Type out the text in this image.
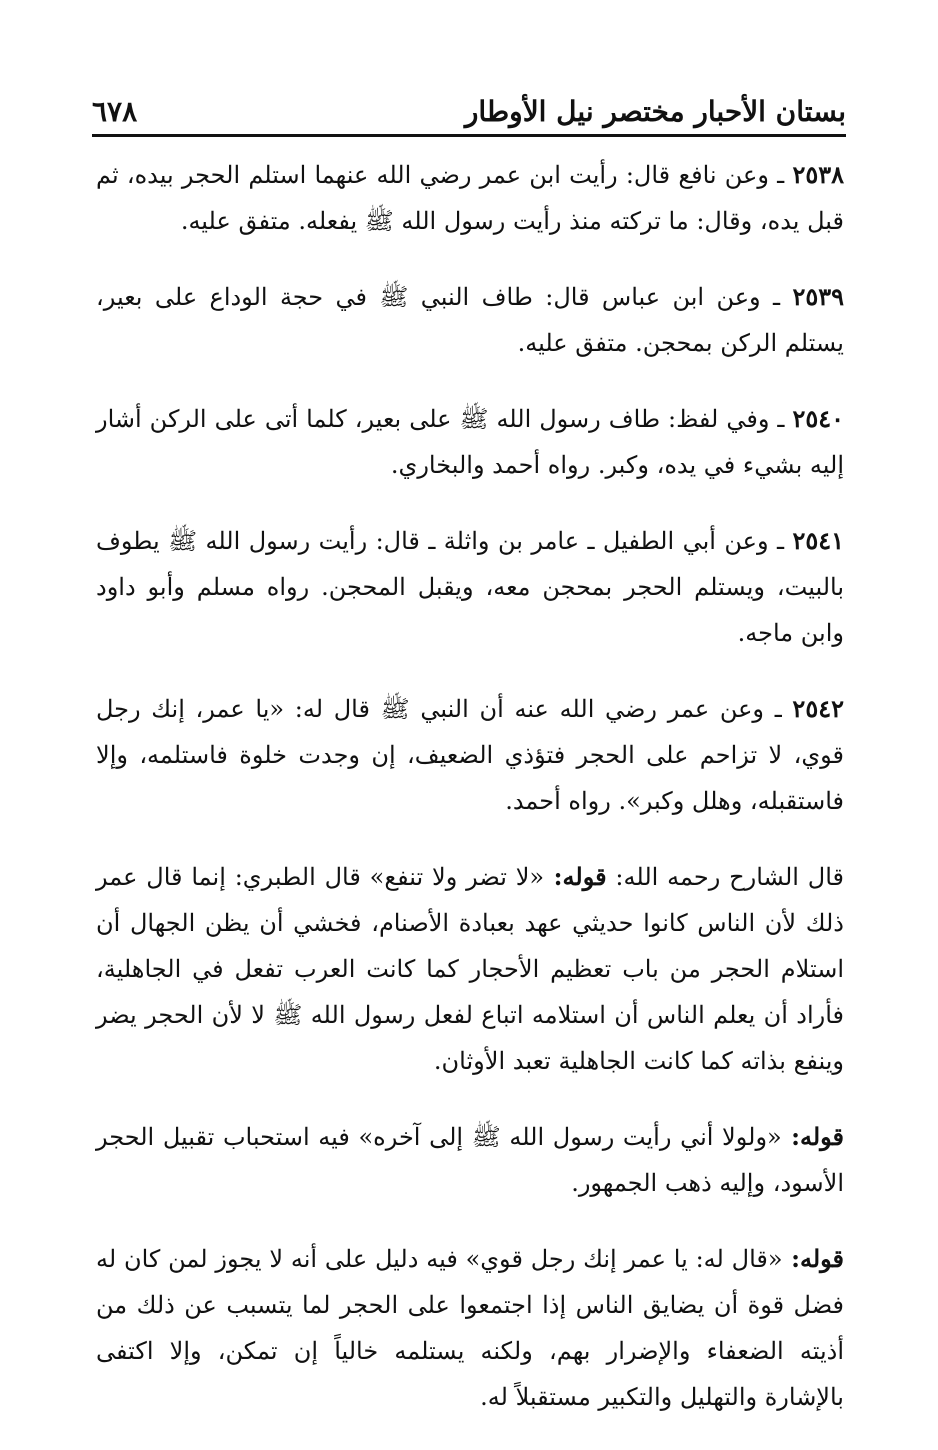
بستان الأحبار مختصر نيل الأوطار
٦٧٨

٢٥٣٨ ـ وعن نافع قال: رأيت ابن عمر رضي الله عنهما استلم الحجر بيده، ثم قبل يده، وقال: ما تركته منذ رأيت رسول الله ﷺ يفعله. متفق عليه.

٢٥٣٩ ـ وعن ابن عباس قال: طاف النبي ﷺ في حجة الوداع على بعير، يستلم الركن بمحجن. متفق عليه.

٢٥٤٠ ـ وفي لفظ: طاف رسول الله ﷺ على بعير، كلما أتى على الركن أشار إليه بشيء في يده، وكبر. رواه أحمد والبخاري.

٢٥٤١ ـ وعن أبي الطفيل ـ عامر بن واثلة ـ قال: رأيت رسول الله ﷺ يطوف بالبيت، ويستلم الحجر بمحجن معه، ويقبل المحجن. رواه مسلم وأبو داود وابن ماجه.

٢٥٤٢ ـ وعن عمر رضي الله عنه أن النبي ﷺ قال له: «يا عمر، إنك رجل قوي، لا تزاحم على الحجر فتؤذي الضعيف، إن وجدت خلوة فاستلمه، وإلا فاستقبله، وهلل وكبر». رواه أحمد.

قال الشارح رحمه الله: قوله: «لا تضر ولا تنفع» قال الطبري: إنما قال عمر ذلك لأن الناس كانوا حديثي عهد بعبادة الأصنام، فخشي أن يظن الجهال أن استلام الحجر من باب تعظيم الأحجار كما كانت العرب تفعل في الجاهلية، فأراد أن يعلم الناس أن استلامه اتباع لفعل رسول الله ﷺ لا لأن الحجر يضر وينفع بذاته كما كانت الجاهلية تعبد الأوثان.

قوله: «ولولا أني رأيت رسول الله ﷺ إلى آخره» فيه استحباب تقبيل الحجر الأسود، وإليه ذهب الجمهور.

قوله: «قال له: يا عمر إنك رجل قوي» فيه دليل على أنه لا يجوز لمن كان له فضل قوة أن يضايق الناس إذا اجتمعوا على الحجر لما يتسبب عن ذلك من أذيته الضعفاء والإضرار بهم، ولكنه يستلمه خالياً إن تمكن، وإلا اكتفى بالإشارة والتهليل والتكبير مستقبلاً له.
